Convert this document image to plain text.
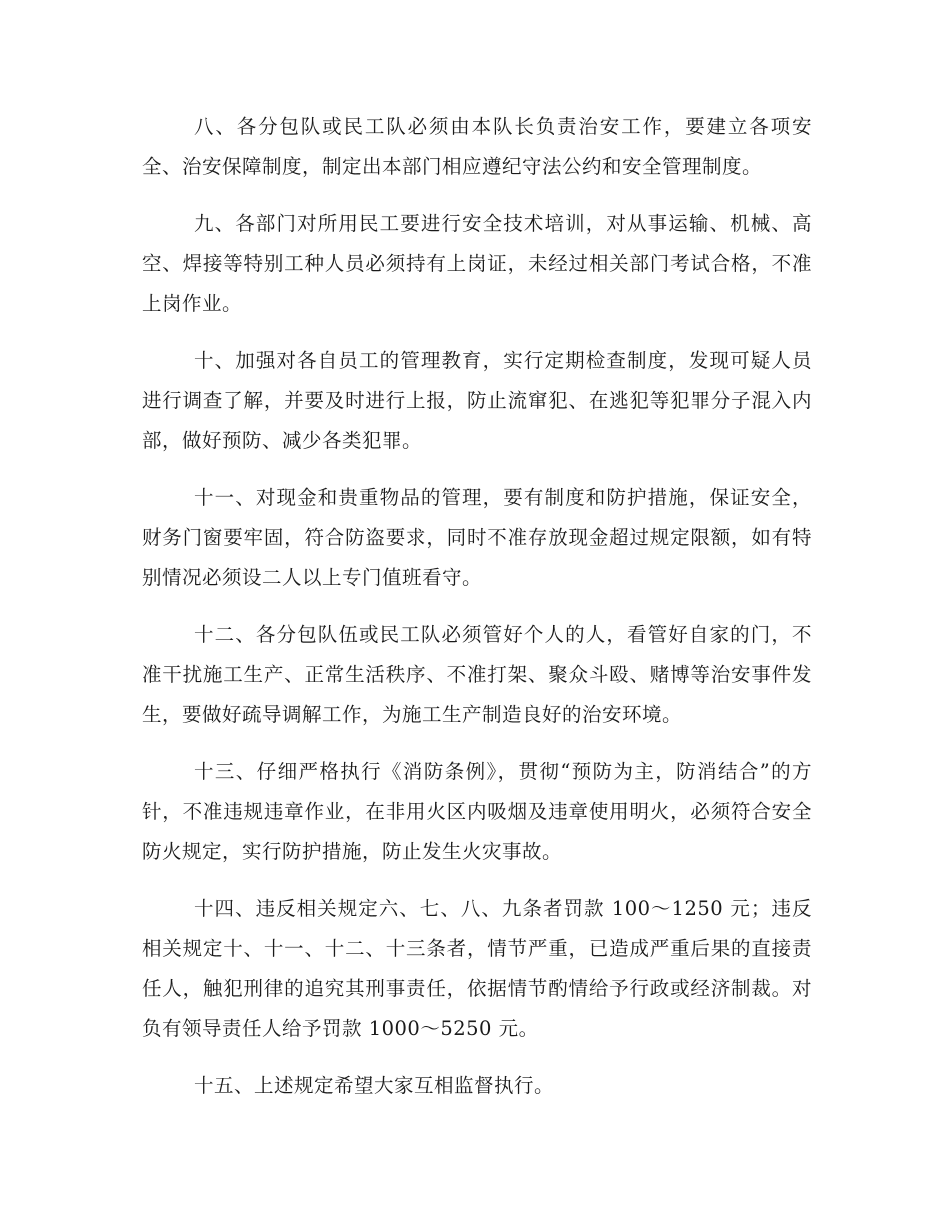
八、各分包队或民工队必须由本队长负责治安工作，要建立各项安全、治安保障制度，制定出本部门相应遵纪守法公约和安全管理制度。

九、各部门对所用民工要进行安全技术培训，对从事运输、机械、高空、焊接等特别工种人员必须持有上岗证，未经过相关部门考试合格，不准上岗作业。

十、加强对各自员工的管理教育，实行定期检查制度，发现可疑人员进行调查了解，并要及时进行上报，防止流窜犯、在逃犯等犯罪分子混入内部，做好预防、减少各类犯罪。

十一、对现金和贵重物品的管理，要有制度和防护措施，保证安全，财务门窗要牢固，符合防盗要求，同时不准存放现金超过规定限额，如有特别情况必须设二人以上专门值班看守。

十二、各分包队伍或民工队必须管好个人的人，看管好自家的门，不准干扰施工生产、正常生活秩序、不准打架、聚众斗殴、赌博等治安事件发生，要做好疏导调解工作，为施工生产制造良好的治安环境。

十三、仔细严格执行《消防条例》，贯彻“预防为主，防消结合”的方针，不准违规违章作业，在非用火区内吸烟及违章使用明火，必须符合安全防火规定，实行防护措施，防止发生火灾事故。

十四、违反相关规定六、七、八、九条者罚款 100～1250 元；违反相关规定十、十一、十二、十三条者，情节严重，已造成严重后果的直接责任人，触犯刑律的追究其刑事责任，依据情节酌情给予行政或经济制裁。对负有领导责任人给予罚款 1000～5250 元。

十五、上述规定希望大家互相监督执行。
